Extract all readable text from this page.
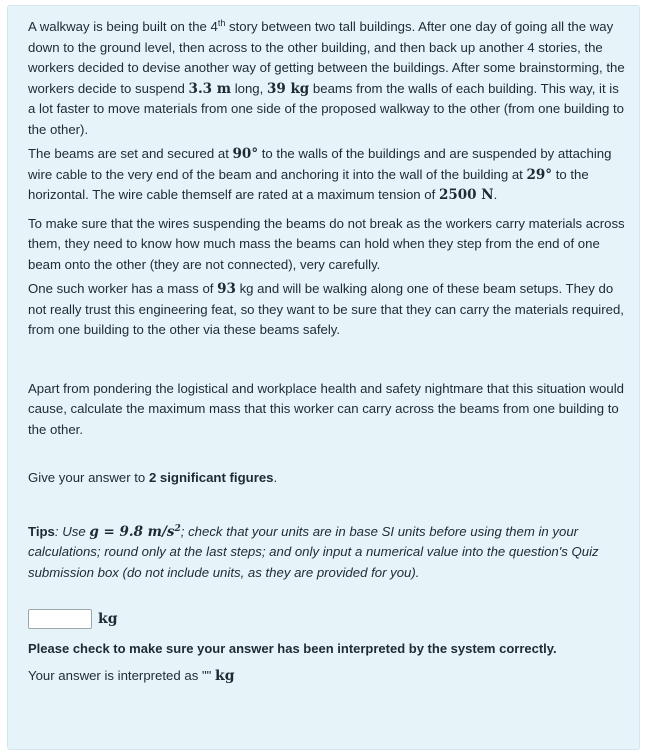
A walkway is being built on the 4th story between two tall buildings. After one day of going all the way down to the ground level, then across to the other building, and then back up another 4 stories, the workers decided to devise another way of getting between the buildings. After some brainstorming, the workers decide to suspend 3.3 m long, 39 kg beams from the walls of each building. This way, it is a lot faster to move materials from one side of the proposed walkway to the other (from one building to the other).

The beams are set and secured at 90° to the walls of the buildings and are suspended by attaching wire cable to the very end of the beam and anchoring it into the wall of the building at 29° to the horizontal. The wire cable themself are rated at a maximum tension of 2500 N.

To make sure that the wires suspending the beams do not break as the workers carry materials across them, they need to know how much mass the beams can hold when they step from the end of one beam onto the other (they are not connected), very carefully.

One such worker has a mass of 93 kg and will be walking along one of these beam setups. They do not really trust this engineering feat, so they want to be sure that they can carry the materials required, from one building to the other via these beams safely.

Apart from pondering the logistical and workplace health and safety nightmare that this situation would cause, calculate the maximum mass that this worker can carry across the beams from one building to the other.

Give your answer to 2 significant figures.

Tips: Use g = 9.8 $m/s^2$; check that your units are in base SI units before using them in your calculations; round only at the last steps; and only input a numerical value into the question's Quiz submission box (do not include units, as they are provided for you).

kg

Please check to make sure your answer has been interpreted by the system correctly.

Your answer is interpreted as "" kg
